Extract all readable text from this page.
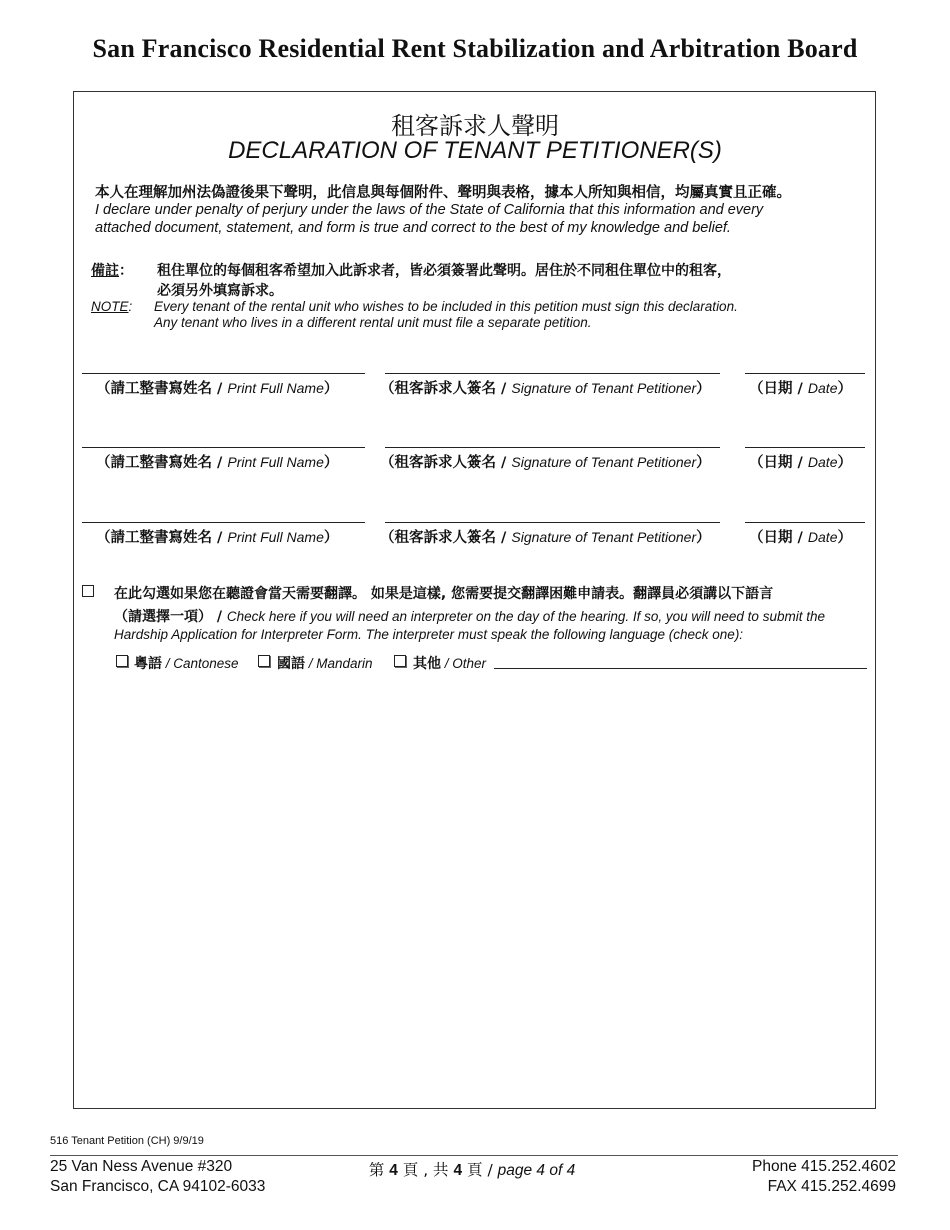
San Francisco Residential Rent Stabilization and Arbitration Board
租客訴求人聲明
DECLARATION OF TENANT PETITIONER(S)
本人在理解加州法偽證後果下聲明，此信息與每個附件、聲明與表格，據本人所知與相信，均屬真實且正確。
I declare under penalty of perjury under the laws of the State of California that this information and every
attached document, statement, and form is true and correct to the best of my knowledge and belief.
備註： 租住單位的每個租客希望加入此訴求者，皆必須簽署此聲明。居住於不同租住單位中的租客，
必須另外填寫訴求。
NOTE: Every tenant of the rental unit who wishes to be included in this petition must sign this declaration.
Any tenant who lives in a different rental unit must file a separate petition.
（請工整書寫姓名 / Print Full Name）	（租客訴求人簽名 / Signature of Tenant Petitioner）	（日期 / Date）
（請工整書寫姓名 / Print Full Name）	（租客訴求人簽名 / Signature of Tenant Petitioner）	（日期 / Date）
（請工整書寫姓名 / Print Full Name）	（租客訴求人簽名 / Signature of Tenant Petitioner）	（日期 / Date）
在此勾選如果您在聽證會當天需要翻譯。 如果是這樣, 您需要提交翻譯困難申請表。翻譯員必須講以下語言
（請選擇一項） / Check here if you will need an interpreter on the day of the hearing. If so, you will need to submit the
Hardship Application for Interpreter Form. The interpreter must speak the following language (check one):
粵語 / Cantonese	國語 / Mandarin	其他 / Other
516 Tenant Petition (CH) 9/9/19
25 Van Ness Avenue #320
San Francisco, CA 94102-6033
第 4 頁 , 共 4 頁 / page 4 of 4	Phone 415.252.4602
FAX 415.252.4699
